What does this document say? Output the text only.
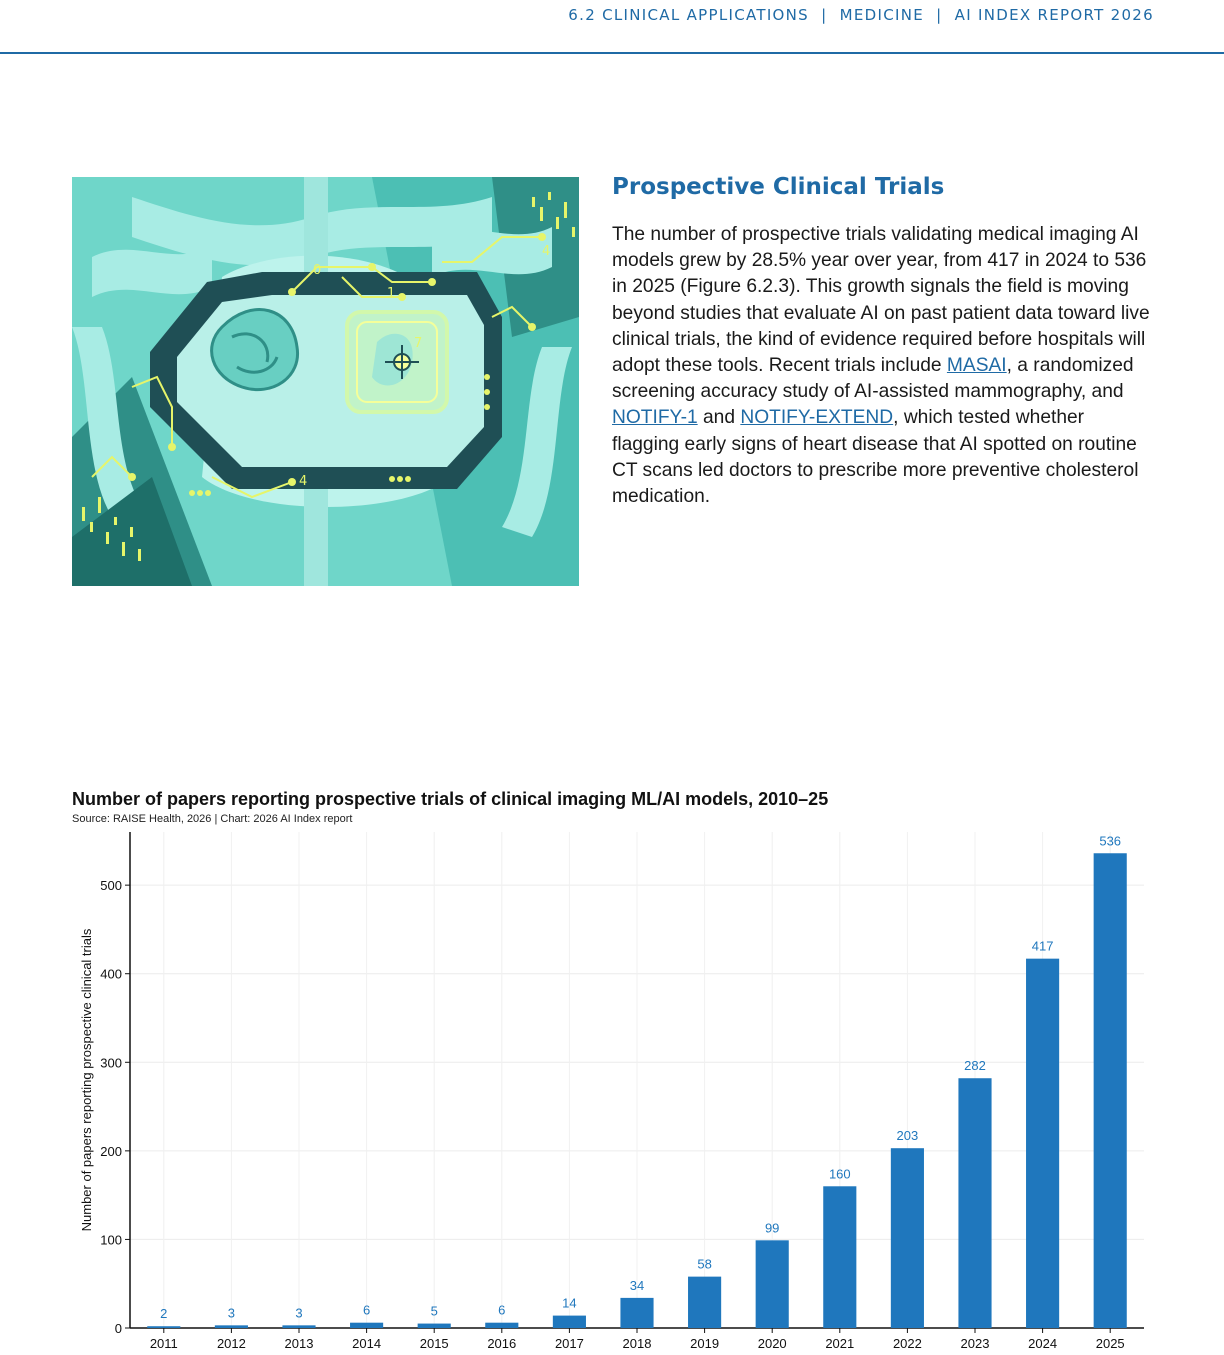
6.2 CLINICAL APPLICATIONS  |  MEDICINE  |  AI INDEX REPORT 2026
0
1
7
4
4
Prospective Clinical Trials

The number of prospective trials validating medical imaging AI models grew by 28.5% year over year, from 417 in 2024 to 536 in 2025 (Figure 6.2.3). This growth signals the field is moving beyond studies that evaluate AI on past patient data toward live clinical trials, the kind of evidence required before hospitals will adopt these tools. Recent trials include MASAI, a randomized screening accuracy study of AI-assisted mammography, and NOTIFY-1 and NOTIFY-EXTEND, which tested whether flagging early signs of heart disease that AI spotted on routine CT scans led doctors to prescribe more preventive cholesterol medication.

Number of papers reporting prospective trials of clinical imaging ML/AI models, 2010–25
Source: RAISE Health, 2026 | Chart: 2026 AI Index report
0
100
200
300
400
500
2
2011
3
2012
3
2013
6
2014
5
2015
6
2016
14
2017
34
2018
58
2019
99
2020
160
2021
203
2022
282
2023
417
2024
536
2025
Number of papers reporting prospective clinical trials
